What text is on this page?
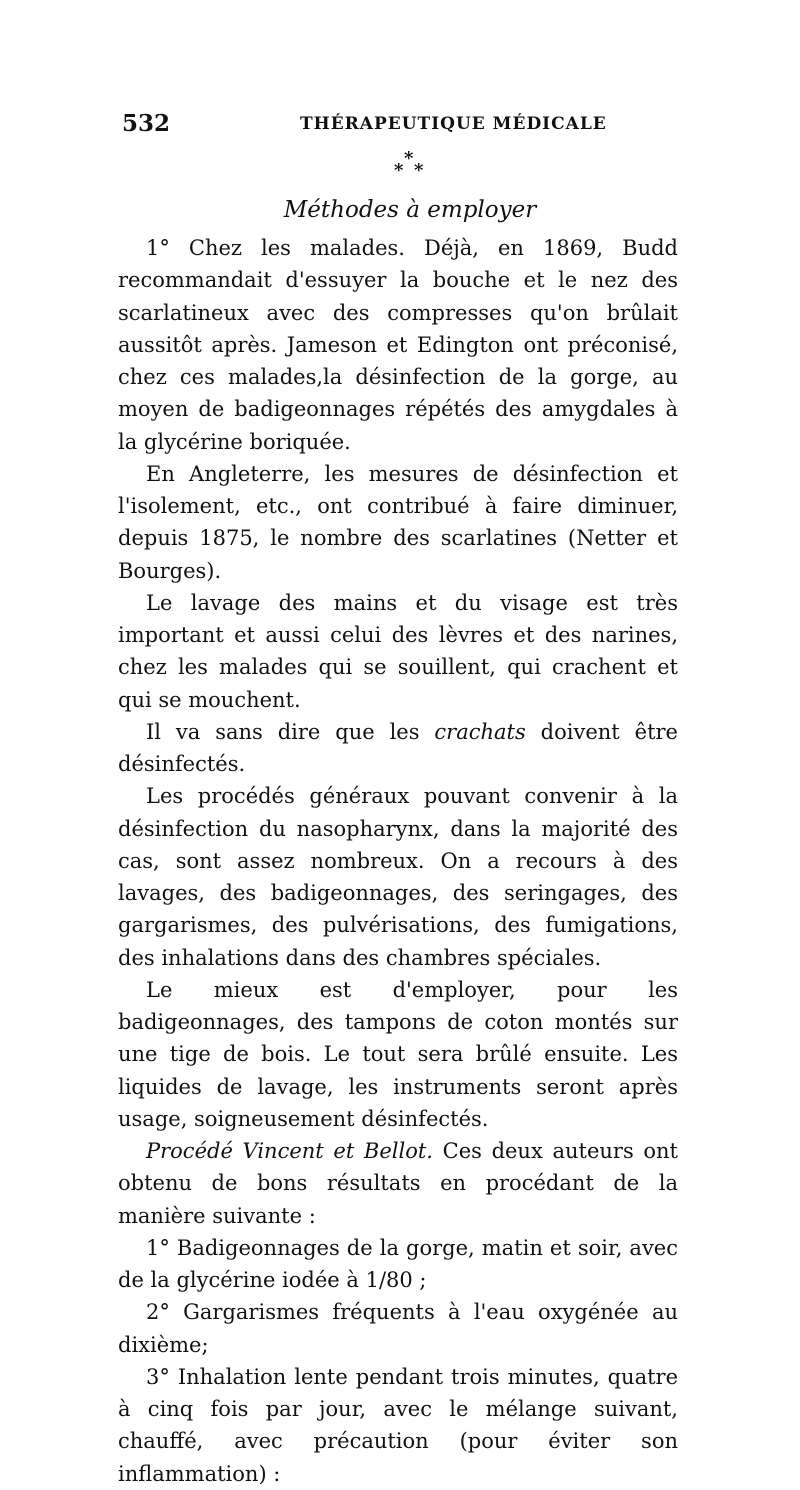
532	THÉRAPEUTIQUE MÉDICALE
*
* *
Méthodes à employer

1° Chez les malades. Déjà, en 1869, Budd recommandait d'essuyer la bouche et le nez des scarlatineux avec des compresses qu'on brûlait aussitôt après. Jameson et Edington ont préconisé, chez ces malades,la désinfection de la gorge, au moyen de badigeonnages répétés des amygdales à la glycérine boriquée.

En Angleterre, les mesures de désinfection et l'isolement, etc., ont contribué à faire diminuer, depuis 1875, le nombre des scarlatines (Netter et Bourges).

Le lavage des mains et du visage est très important et aussi celui des lèvres et des narines, chez les malades qui se souillent, qui crachent et qui se mouchent.

Il va sans dire que les crachats doivent être désinfectés.

Les procédés généraux pouvant convenir à la désinfection du nasopharynx, dans la majorité des cas, sont assez nombreux. On a recours à des lavages, des badigeonnages, des seringages, des gargarismes, des pulvérisations, des fumigations, des inhalations dans des chambres spéciales.

Le mieux est d'employer, pour les badigeonnages, des tampons de coton montés sur une tige de bois. Le tout sera brûlé ensuite. Les liquides de lavage, les instruments seront après usage, soigneusement désinfectés.

Procédé Vincent et Bellot. Ces deux auteurs ont obtenu de bons résultats en procédant de la manière suivante :

1° Badigeonnages de la gorge, matin et soir, avec de la glycérine iodée à 1/80 ;

2° Gargarismes fréquents à l'eau oxygénée au dixième;

3° Inhalation lente pendant trois minutes, quatre à cinq fois par jour, avec le mélange suivant, chauffé, avec précaution (pour éviter son inflammation) :
